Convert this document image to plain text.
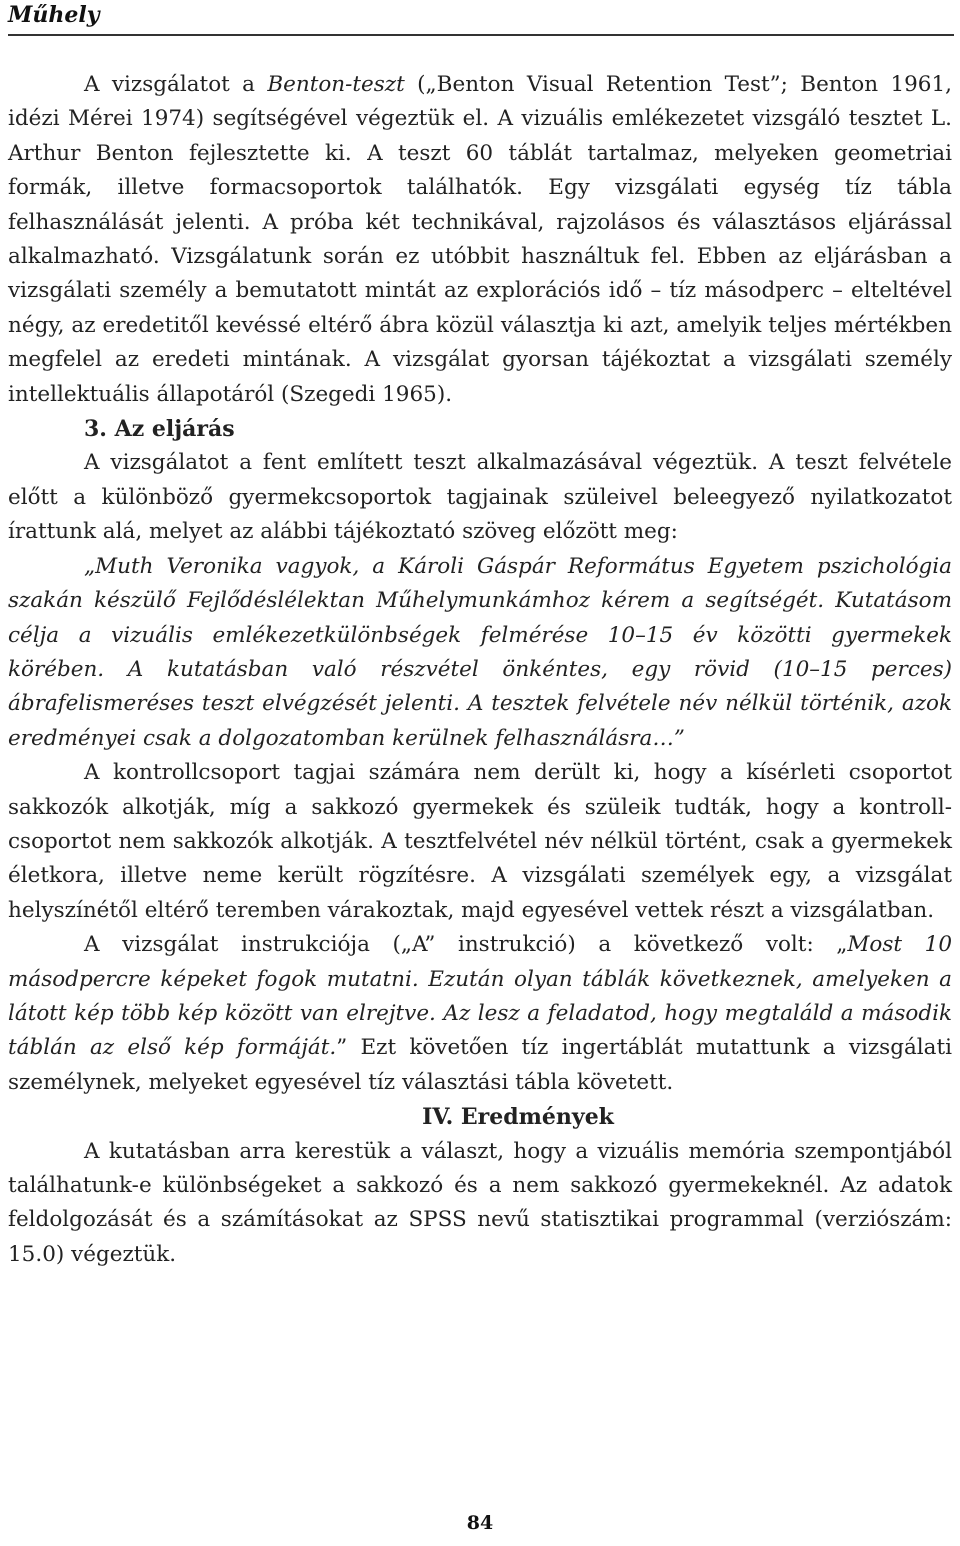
Műhely

A vizsgálatot a Benton-teszt („Benton Visual Retention Test”; Benton 1961, idézi Mérei 1974) segítségével végeztük el. A vizuális emlékezetet vizsgáló tesztet L. Arthur Benton fejlesztette ki. A teszt 60 táblát tartalmaz, melyeken geometriai formák, illetve formacsoportok találhatók. Egy vizsgálati egység tíz tábla felhasználását jelenti. A próba két technikával, rajzolásos és választásos eljárással alkalmazható. Vizsgálatunk során ez utóbbit használtuk fel. Ebben az eljárásban a vizsgálati személy a bemutatott mintát az explorációs idő – tíz másodperc – elteltével négy, az eredetitől kevéssé eltérő ábra közül választja ki azt, amelyik teljes mértékben megfelel az eredeti mintának. A vizsgálat gyorsan tájékoztat a vizsgálati személy intellektuális állapotáról (Szegedi 1965).

3. Az eljárás

A vizsgálatot a fent említett teszt alkalmazásával végeztük. A teszt felvétele előtt a különböző gyermekcsoportok tagjainak szüleivel beleegyező nyilatkozatot írattunk alá, melyet az alábbi tájékoztató szöveg előzött meg:

„Muth Veronika vagyok, a Károli Gáspár Református Egyetem pszichológia szakán készülő Fejlődéslélektan Műhelymunkámhoz kérem a segítségét. Kutatásom célja a vizuális emlékezetkülönbségek felmérése 10–15 év közötti gyermekek körében. A kutatásban való részvétel önkéntes, egy rövid (10–15 perces) ábrafelismeréses teszt elvégzését jelenti. A tesztek felvétele név nélkül történik, azok eredményei csak a dolgozatomban kerülnek felhasználásra…”

A kontrollcsoport tagjai számára nem derült ki, hogy a kísérleti csoportot sakkozók alkotják, míg a sakkozó gyermekek és szüleik tudták, hogy a kontrollcsoportot nem sakkozók alkotják. A tesztfelvétel név nélkül történt, csak a gyermekek életkora, illetve neme került rögzítésre. A vizsgálati személyek egy, a vizsgálat helyszínétől eltérő teremben várakoztak, majd egyesével vettek részt a vizsgálatban.

A vizsgálat instrukciója („A” instrukció) a következő volt: „Most 10 másodpercre képeket fogok mutatni. Ezután olyan táblák következnek, amelyeken a látott kép több kép között van elrejtve. Az lesz a feladatod, hogy megtaláld a második táblán az első kép formáját.” Ezt követően tíz ingertáblát mutattunk a vizsgálati személynek, melyeket egyesével tíz választási tábla követett.

IV. Eredmények

A kutatásban arra kerestük a választ, hogy a vizuális memória szempontjából találhatunk-e különbségeket a sakkozó és a nem sakkozó gyermekeknél. Az adatok feldolgozását és a számításokat az SPSS nevű statisztikai programmal (verziószám: 15.0) végeztük.

84
